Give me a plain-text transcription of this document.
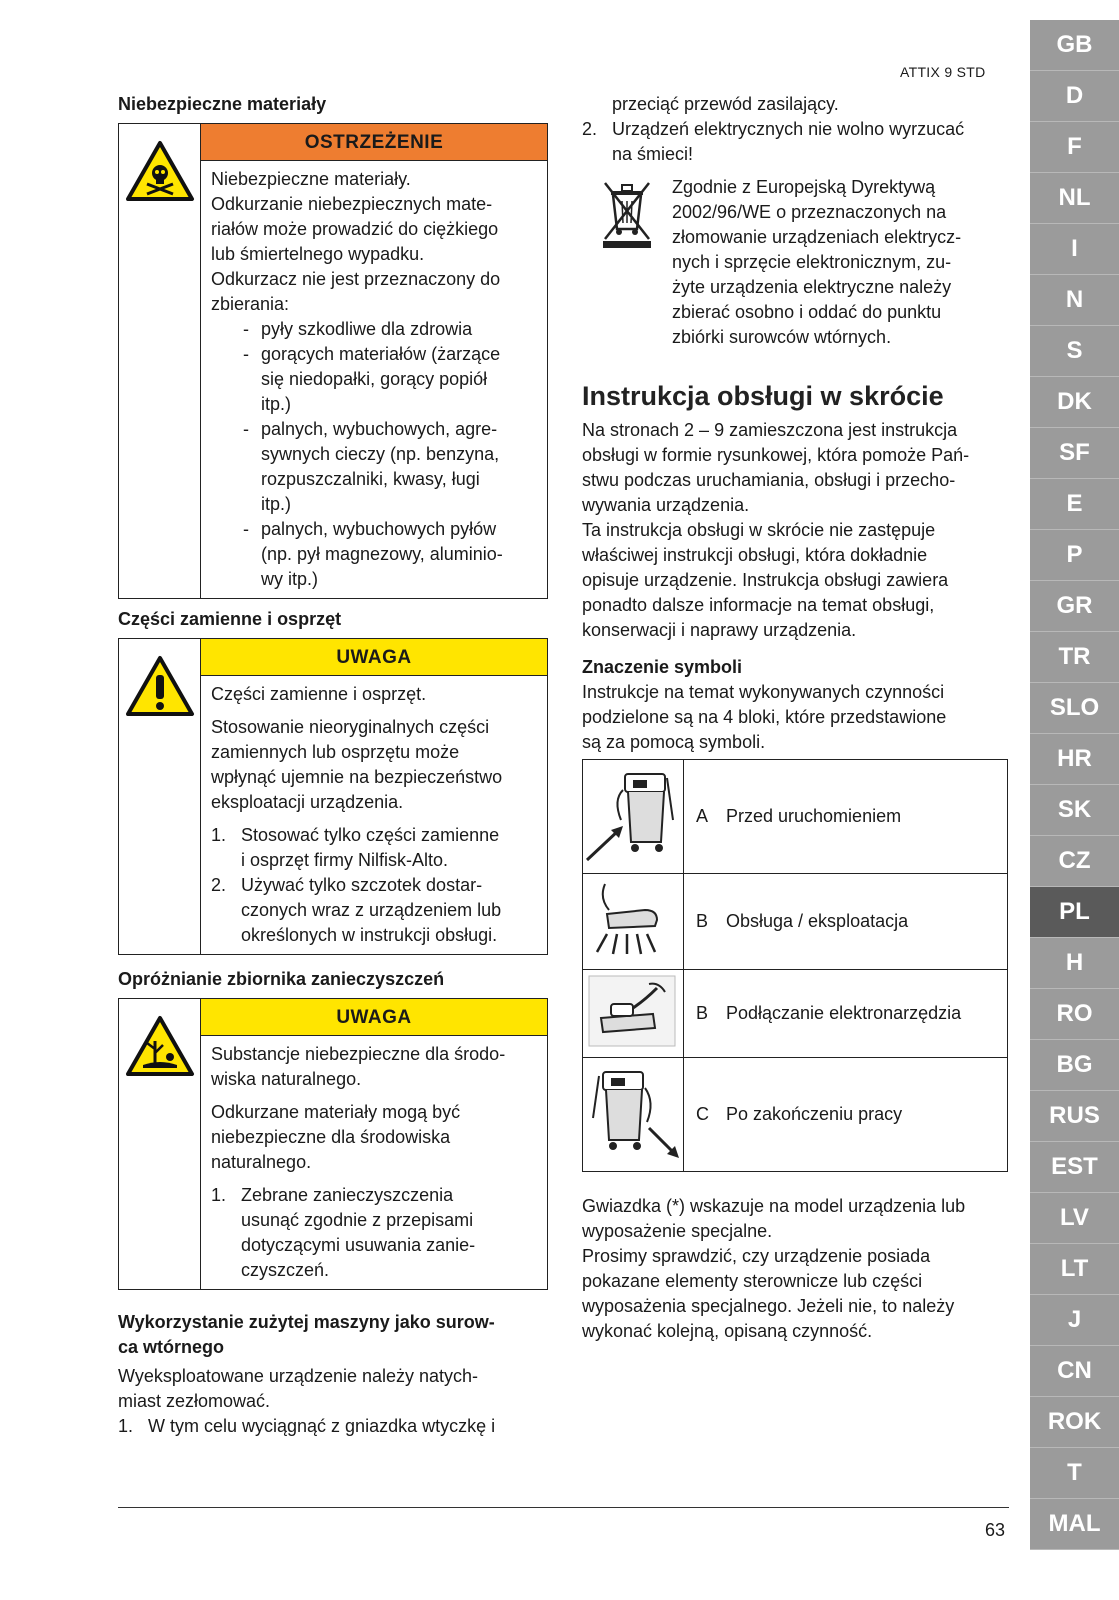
ATTIX 9 STD
GB
D
F
NL
I
N
S
DK
SF
E
P
GR
TR
SLO
HR
SK
CZ
PL
H
RO
BG
RUS
EST
LV
LT
J
CN
ROK
T
MAL
Niebezpieczne materiały
OSTRZEŻENIE
Niebezpieczne materiały.
Odkurzanie niebezpiecznych mate-
riałów może prowadzić do ciężkiego
lub śmiertelnego wypadku.
Odkurzacz nie jest przeznaczony do
zbierania:
- pyły szkodliwe dla zdrowia
- gorących materiałów (żarzące
się niedopałki, gorący popiół
itp.)
- palnych, wybuchowych, agre-
sywnych cieczy (np. benzyna,
rozpuszczalniki, kwasy, ługi
itp.)
- palnych, wybuchowych pyłów
(np. pył magnezowy, aluminio-
wy itp.)
Części zamienne i osprzęt
UWAGA

Części zamienne i osprzęt.

Stosowanie nieoryginalnych części
zamiennych lub osprzętu może
wpłynąć ujemnie na bezpieczeństwo
eksploatacji urządzenia.
1. Stosować tylko części zamienne
i osprzęt firmy Nilfisk-Alto.
2. Używać tylko szczotek dostar-
czonych wraz z urządzeniem lub
określonych w instrukcji obsługi.
Opróżnianie zbiornika zanieczyszczeń
UWAGA
Substancje niebezpieczne dla środo-
wiska naturalnego.
Odkurzane materiały mogą być
niebezpieczne dla środowiska
naturalnego.
1. Zebrane zanieczyszczenia
usunąć zgodnie z przepisami
dotyczącymi usuwania zanie-
czyszczeń.
Wykorzystanie zużytej maszyny jako surow-
ca wtórnego
Wyeksploatowane urządzenie należy natych-
miast zezłomować.
1. W tym celu wyciągnąć z gniazdka wtyczkę i
przeciąć przewód zasilający.
2. Urządzeń elektrycznych nie wolno wyrzucać
na śmieci!
Zgodnie z Europejską Dyrektywą
2002/96/WE o przeznaczonych na
złomowanie urządzeniach elektrycz-
nych i sprzęcie elektronicznym, zu-
żyte urządzenia elektryczne należy
zbierać osobno i oddać do punktu
zbiórki surowców wtórnych.
Instrukcja obsługi w skrócie
Na stronach 2 – 9 zamieszczona jest instrukcja
obsługi w formie rysunkowej, która pomoże Pań-
stwu podczas uruchamiania, obsługi i przecho-
wywania urządzenia.
Ta instrukcja obsługi w skrócie nie zastępuje
właściwej instrukcji obsługi, która dokładnie
opisuje urządzenie. Instrukcja obsługi zawiera
ponadto dalsze informacje na temat obsługi,
konserwacji i naprawy urządzenia.
Znaczenie symboli
Instrukcje na temat wykonywanych czynności
podzielone są na 4 bloki, które przedstawione
są za pomocą symboli.
	A Przed uruchomieniem
	B Obsługa / eksploatacja
	B Podłączanie elektronarzędzia
	C Po zakończeniu pracy
Gwiazdka (*) wskazuje na model urządzenia lub
wyposażenie specjalne.
Prosimy sprawdzić, czy urządzenie posiada
pokazane elementy sterownicze lub części
wyposażenia specjalnego. Jeżeli nie, to należy
wykonać kolejną, opisaną czynność.
63
